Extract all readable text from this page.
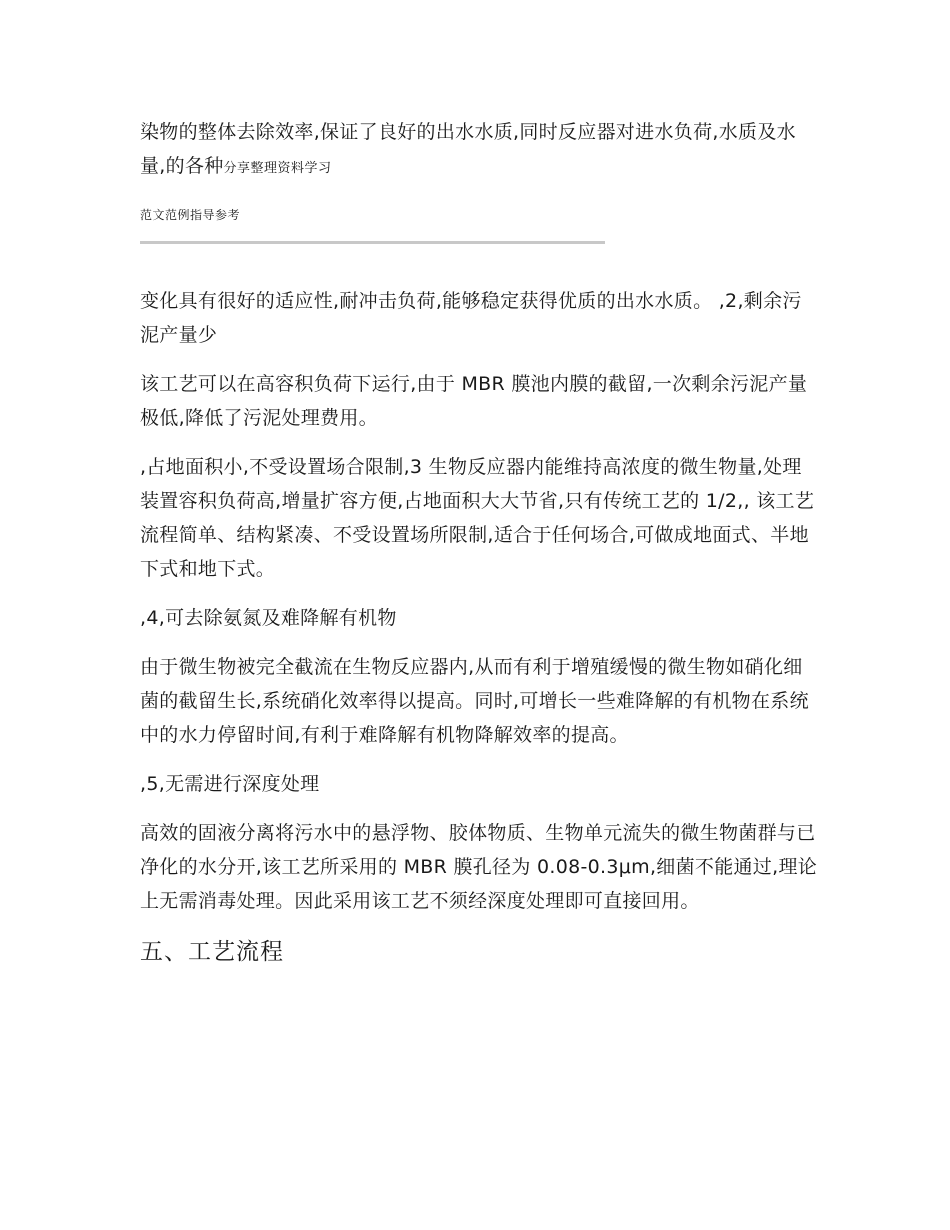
染物的整体去除效率,保证了良好的出水水质,同时反应器对进水负荷,水质及水量,的各种分享整理资料学习

范文范例指导参考

变化具有很好的适应性,耐冲击负荷,能够稳定获得优质的出水水质。 ,2,剩余污泥产量少

该工艺可以在高容积负荷下运行,由于 MBR 膜池内膜的截留,一次剩余污泥产量极低,降低了污泥处理费用。

,占地面积小,不受设置场合限制,3 生物反应器内能维持高浓度的微生物量,处理装置容积负荷高,增量扩容方便,占地面积大大节省,只有传统工艺的 1/2,, 该工艺流程简单、结构紧凑、不受设置场所限制,适合于任何场合,可做成地面式、半地下式和地下式。

,4,可去除氨氮及难降解有机物

由于微生物被完全截流在生物反应器内,从而有利于增殖缓慢的微生物如硝化细菌的截留生长,系统硝化效率得以提高。同时,可增长一些难降解的有机物在系统中的水力停留时间,有利于难降解有机物降解效率的提高。

,5,无需进行深度处理

高效的固液分离将污水中的悬浮物、胶体物质、生物单元流失的微生物菌群与已净化的水分开,该工艺所采用的 MBR 膜孔径为 0.08-0.3μm,细菌不能通过,理论上无需消毒处理。因此采用该工艺不须经深度处理即可直接回用。

五、工艺流程
